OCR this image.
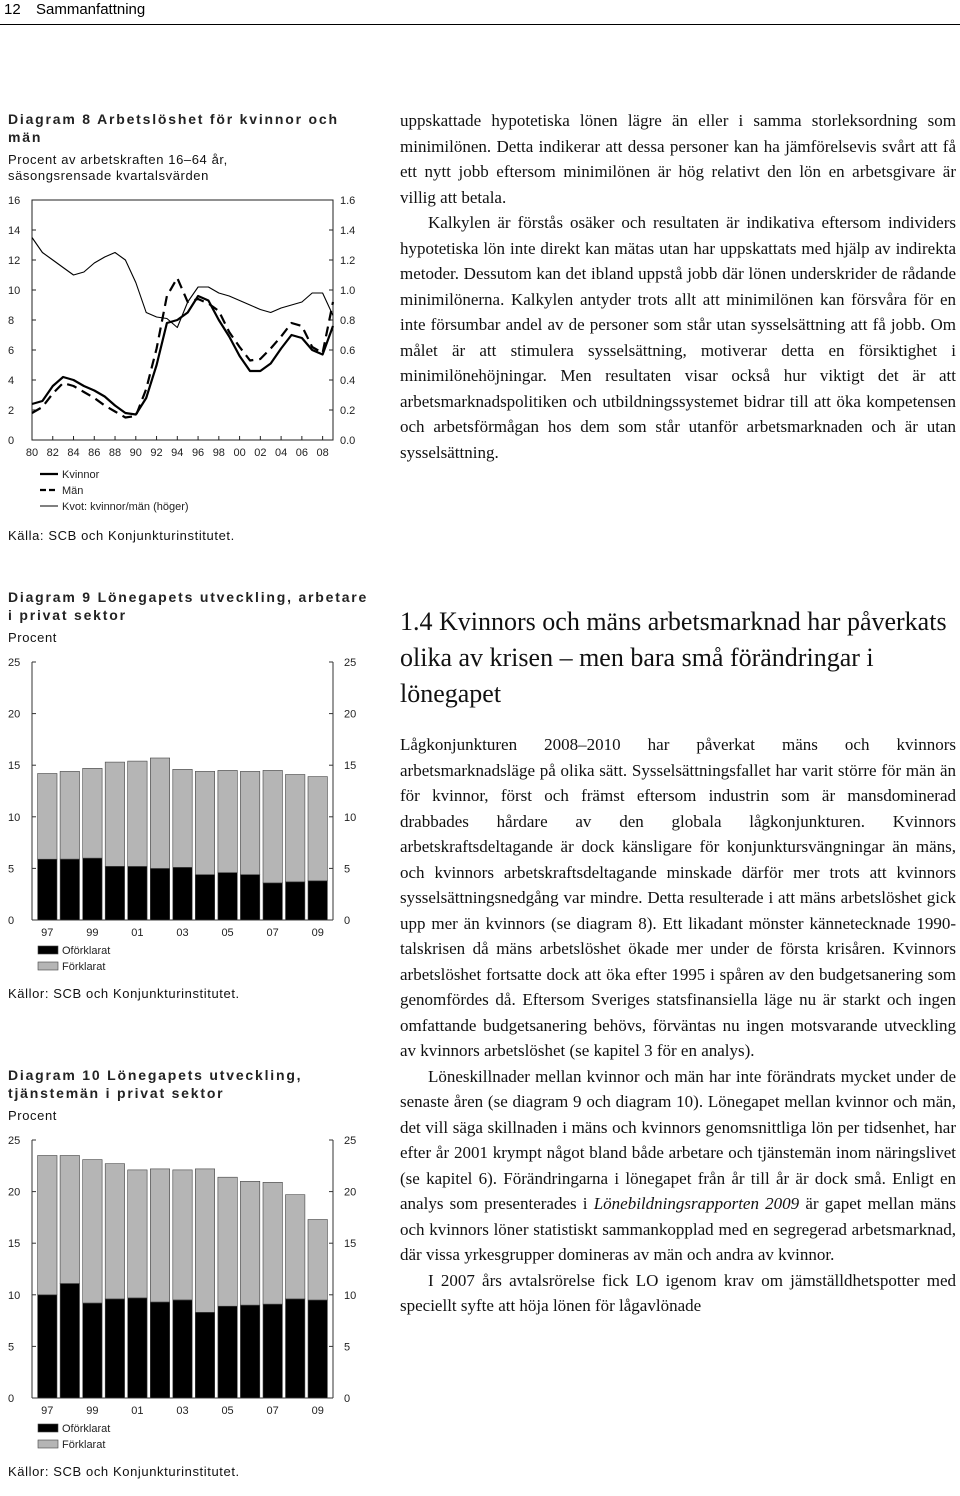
12 Sammanfattning
Diagram 8 Arbetslöshet för kvinnor och män
Procent av arbetskraften 16–64 år,
säsongsrensade kvartalsvärden
0
2
4
6
8
10
12
14
16
0.0
0.2
0.4
0.6
0.8
1.0
1.2
1.4
1.6
80 82 84 86 88 90 92 94 96 98 00 02 04 06 08
Kvinnor
Män
Kvot: kvinnor/män (höger)
Källa: SCB och Konjunkturinstitutet.
Diagram 9 Lönegapets utveckling, arbetare i privat sektor
Procent
0	0
5	5
10	10
15	15
20	20
25	25
97	99	01	03	05	07	09
Oförklarat
Förklarat
Källor: SCB och Konjunkturinstitutet.
Diagram 10 Lönegapets utveckling, tjänstemän i privat sektor
Procent
0	0
5	5
10	10
15	15
20	20
25	25
97	99	01	03	05	07	09
Oförklarat
Förklarat
Källor: SCB och Konjunkturinstitutet.

uppskattade hypotetiska lönen lägre än eller i samma storleksordning som minimilönen. Detta indikerar att dessa personer kan ha jämförelsevis svårt att få ett nytt jobb eftersom minimilönen är hög relativt den lön en arbetsgivare är villig att betala.

Kalkylen är förstås osäker och resultaten är indikativa eftersom individers hypotetiska lön inte direkt kan mätas utan har uppskattats med hjälp av indirekta metoder. Dessutom kan det ibland uppstå jobb där lönen underskrider de rådande minimilönerna. Kalkylen antyder trots allt att minimilönen kan försvåra för en inte försumbar andel av de personer som står utan sysselsättning att få jobb. Om målet är att stimulera sysselsättning, motiverar detta en försiktighet i minimilönehöjningar. Men resultaten visar också hur viktigt det är att arbetsmarknadspolitiken och utbildningssystemet bidrar till att öka kompetensen och arbetsförmågan hos dem som står utanför arbetsmarknaden och är utan sysselsättning.

1.4 Kvinnors och mäns arbetsmarknad har påverkats olika av krisen – men bara små förändringar i lönegapet

Lågkonjunkturen 2008–2010 har påverkat mäns och kvinnors arbetsmarknadsläge på olika sätt. Sysselsättningsfallet har varit större för män än för kvinnor, först och främst eftersom industrin som är mansdominerad drabbades hårdare av den globala lågkonjunkturen. Kvinnors arbetskraftsdeltagande är dock känsligare för konjunktursvängningar än mäns, och kvinnors arbetskraftsdeltagande minskade därför mer trots att kvinnors sysselsättningsnedgång var mindre. Detta resulterade i att mäns arbetslöshet gick upp mer än kvinnors (se diagram 8). Ett likadant mönster kännetecknade 1990-talskrisen då mäns arbetslöshet ökade mer under de första krisåren. Kvinnors arbetslöshet fortsatte dock att öka efter 1995 i spåren av den budgetsanering som genomfördes då. Eftersom Sveriges statsfinansiella läge nu är starkt och ingen omfattande budgetsanering behövs, förväntas nu ingen motsvarande utveckling av kvinnors arbetslöshet (se kapitel 3 för en analys).

Löneskillnader mellan kvinnor och män har inte förändrats mycket under de senaste åren (se diagram 9 och diagram 10). Lönegapet mellan kvinnor och män, det vill säga skillnaden i mäns och kvinnors genomsnittliga lön per tidsenhet, har efter år 2001 krympt något bland både arbetare och tjänstemän inom näringslivet (se kapitel 6). Förändringarna i lönegapet från år till år är dock små. Enligt en analys som presenterades i Lönebildningsrapporten 2009 är gapet mellan mäns och kvinnors löner statistiskt sammankopplad med en segregerad arbetsmarknad, där vissa yrkesgrupper domineras av män och andra av kvinnor.

I 2007 års avtalsrörelse fick LO igenom krav om jämställdhetspotter med speciellt syfte att höja lönen för lågavlönade
